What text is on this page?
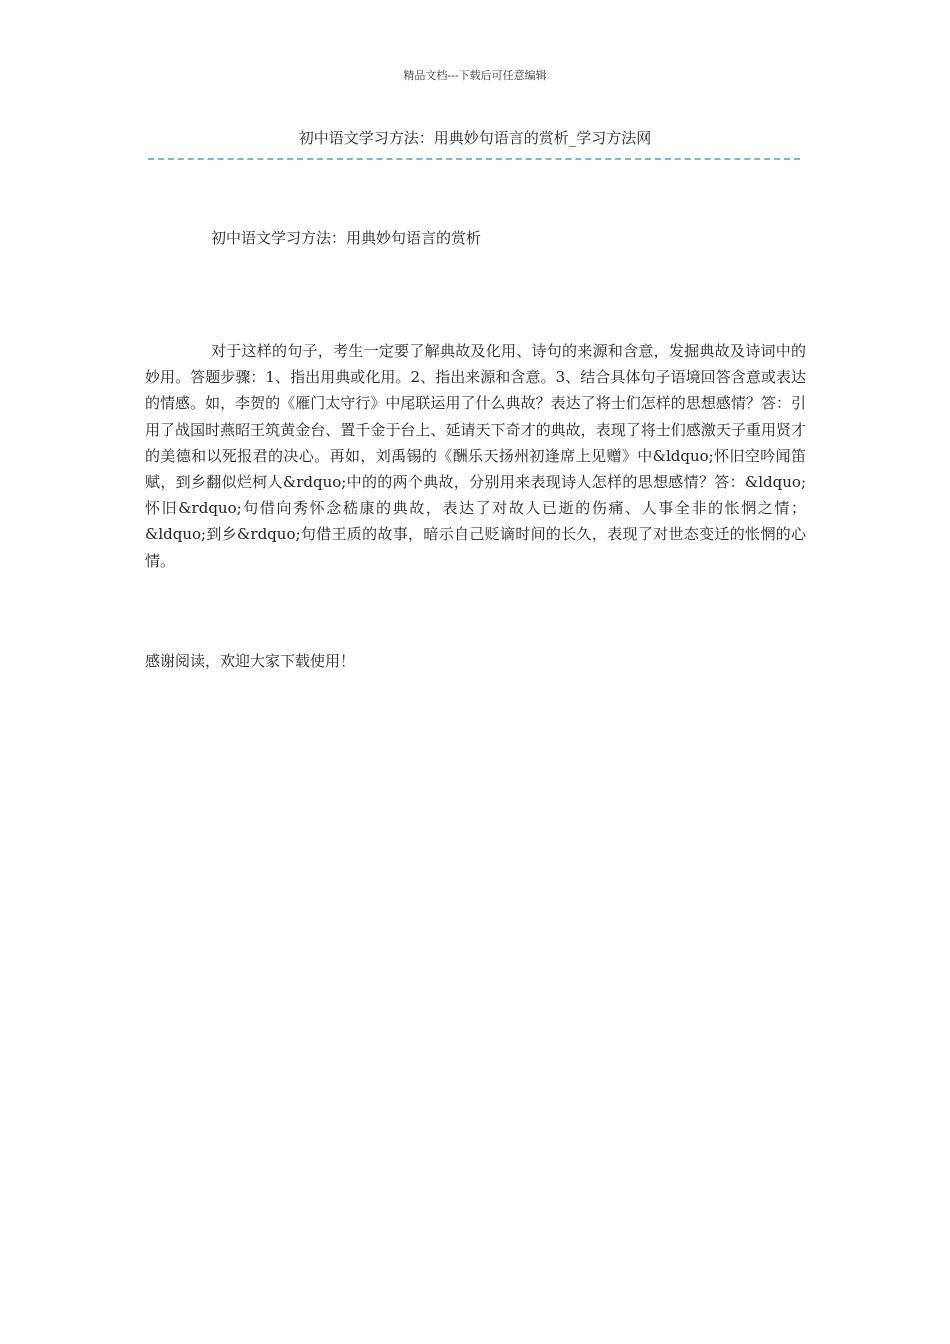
精品文档---下载后可任意编辑
初中语文学习方法：用典妙句语言的赏析_学习方法网
初中语文学习方法：用典妙句语言的赏析

对于这样的句子，考生一定要了解典故及化用、诗句的来源和含意，发掘典故及诗词中的妙用。答题步骤：1、指出用典或化用。2、指出来源和含意。3、结合具体句子语境回答含意或表达的情感。如，李贺的《雁门太守行》中尾联运用了什么典故？表达了将士们怎样的思想感情？答：引用了战国时燕昭王筑黄金台、置千金于台上、延请天下奇才的典故，表现了将士们感激天子重用贤才的美德和以死报君的决心。再如，刘禹锡的《酬乐天扬州初逢席上见赠》中&ldquo;怀旧空吟闻笛赋，到乡翻似烂柯人&rdquo;中的的两个典故，分别用来表现诗人怎样的思想感情？答：&ldquo;怀旧&rdquo;句借向秀怀念嵇康的典故，表达了对故人已逝的伤痛、人事全非的怅惘之情；&ldquo;到乡&rdquo;句借王质的故事，暗示自己贬谪时间的长久，表现了对世态变迁的怅惘的心情。

感谢阅读，欢迎大家下载使用！
